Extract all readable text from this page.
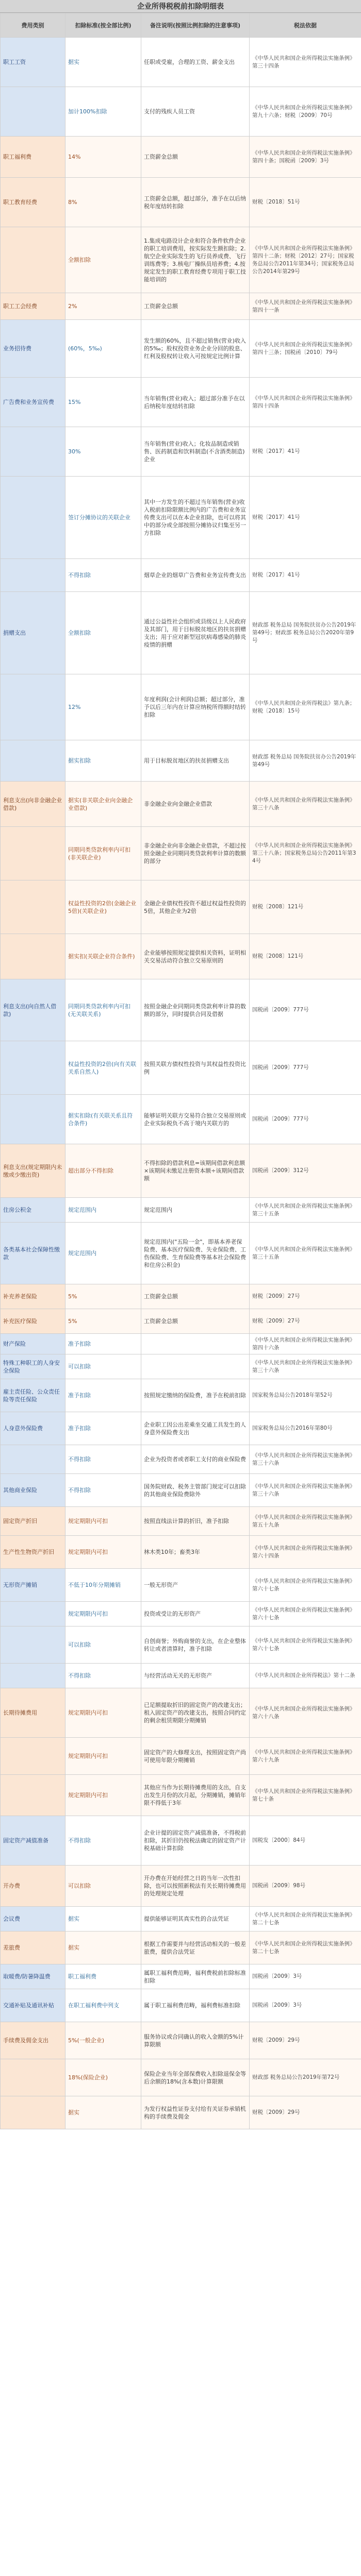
企业所得税税前扣除明细表
费用类别	扣除标准(按全部比例)	备注说明(按照比例扣除的注意事项)	税法依据
职工工资	据实	任职或受雇，合理的工资、薪金支出	《中华人民共和国企业所得税法实施条例》第三十四条
	加计100%扣除	支付的残疾人员工资	《中华人民共和国企业所得税法实施条例》第九十六条；财税〔2009〕70号
职工福利费	14%	工资薪金总额	《中华人民共和国企业所得税法实施条例》第四十条；国税函〔2009〕3号
职工教育经费	8%	工资薪金总额，超过部分，准予在以后纳税年度结转扣除	财税〔2018〕51号
	全额扣除	1.集成电路设计企业和符合条件软件企业的职工培训费用，按实际发生额扣除；2.航空企业实际发生的飞行员养成费、飞行训练费等；3.核电厂操纵员培养费；4.按规定发生的职工教育经费专项用于职工技能培训的	《中华人民共和国企业所得税法实施条例》第四十二条；财税〔2012〕27号；国家税务总局公告2011年第34号；国家税务总局公告2014年第29号
职工工会经费	2%	工资薪金总额	《中华人民共和国企业所得税法实施条例》第四十一条
业务招待费	(60%，5‰)	发生额的60%，且不超过销售(营业)收入的5‰；股权投资业务企业分回的股息、红利及股权转让收入可按规定比例计算	《中华人民共和国企业所得税法实施条例》第四十三条；国税函〔2010〕79号
广告费和业务宣传费	15%	当年销售(营业)收入；超过部分准予在以后纳税年度结转扣除	《中华人民共和国企业所得税法实施条例》第四十四条
	30%	当年销售(营业)收入；化妆品制造或销售、医药制造和饮料制造(不含酒类制造)企业	财税〔2017〕41号
	签订分摊协议的关联企业	其中一方发生的不超过当年销售(营业)收入税前扣除限额比例内的广告费和业务宣传费支出可以在本企业扣除，也可以将其中的部分或全部按照分摊协议归集至另一方扣除	财税〔2017〕41号
	不得扣除	烟草企业的烟草广告费和业务宣传费支出	财税〔2017〕41号
捐赠支出	全额扣除	通过公益性社会组织或县级以上人民政府及其部门，用于目标脱贫地区的扶贫捐赠支出；用于应对新型冠状病毒感染的肺炎疫情的捐赠	财政部 税务总局 国务院扶贫办公告2019年第49号；财政部 税务总局公告2020年第9号
	12%	年度利润(会计利润)总额；超过部分，准予以后三年内在计算应纳税所得额时结转扣除	《中华人民共和国企业所得税法》第九条；财税〔2018〕15号
	据实扣除	用于目标脱贫地区的扶贫捐赠支出	财政部 税务总局 国务院扶贫办公告2019年第49号
利息支出(向非金融企业借款)	据实(非关联企业向金融企业借款)	非金融企业向金融企业借款	《中华人民共和国企业所得税法实施条例》第三十八条
	同期同类贷款利率内可扣(非关联企业)	非金融企业向非金融企业借款，不超过按照金融企业同期同类贷款利率计算的数额的部分	《中华人民共和国企业所得税法实施条例》第三十八条；国家税务总局公告2011年第34号
	权益性投资的2倍(金融企业5倍)(关联企业)	金融企业债权性投资不超过权益性投资的5倍，其他企业为2倍	财税〔2008〕121号
	据实扣(关联企业符合条件)	企业能够按照规定提供相关资料，证明相关交易活动符合独立交易原则的	财税〔2008〕121号
利息支出(向自然人借款)	同期同类贷款利率内可扣(无关联关系)	按照金融企业同期同类贷款利率计算的数额的部分，同时提供合同及借据	国税函〔2009〕777号
	权益性投资的2倍(向有关联关系自然人)	按照关联方债权性投资与其权益性投资比例	国税函〔2009〕777号
	据实扣除(有关联关系且符合条件)	能够证明关联方交易符合独立交易原则或企业实际税负不高于境内关联方的	国税函〔2009〕777号
利息支出(规定期限内未缴或少缴出资)	超出部分不得扣除	不得扣除的借款利息=该期间借款利息额×该期间未缴足注册资本额÷该期间借款额	国税函〔2009〕312号
住房公积金	规定范围内	规定范围内	《中华人民共和国企业所得税法实施条例》第三十五条
各类基本社会保障性缴款	规定范围内	规定范围内("五险一金"，即基本养老保险费、基本医疗保险费、失业保险费、工伤保险费、生育保险费等基本社会保险费和住房公积金)	《中华人民共和国企业所得税法实施条例》第三十五条
补充养老保险	5%	工资薪金总额	财税〔2009〕27号
补充医疗保险	5%	工资薪金总额	财税〔2009〕27号
财产保险	准予扣除		《中华人民共和国企业所得税法实施条例》第四十六条
特殊工种职工的人身安全保险	可以扣除		《中华人民共和国企业所得税法实施条例》第三十六条
雇主责任险、公众责任险等责任保险	准予扣除	按照规定缴纳的保险费，准予在税前扣除	国家税务总局公告2018年第52号
人身意外保险费	准予扣除	企业职工因公出差乘坐交通工具发生的人身意外保险费支出	国家税务总局公告2016年第80号
	不得扣除	企业为投资者或者职工支付的商业保险费	《中华人民共和国企业所得税法实施条例》第三十六条
其他商业保险	不得扣除	国务院财政、税务主管部门规定可以扣除的其他商业保险费除外	《中华人民共和国企业所得税法实施条例》第三十六条
固定资产折旧	规定期限内可扣	按照直线法计算的折旧，准予扣除	《中华人民共和国企业所得税法实施条例》第五十九条
生产性生物资产折旧	规定期限内可扣	林木类10年；畜类3年	《中华人民共和国企业所得税法实施条例》第六十四条
无形资产摊销	不低于10年分期摊销	一般无形资产	《中华人民共和国企业所得税法实施条例》第六十七条
	规定期限内可扣	投资或受让的无形资产	《中华人民共和国企业所得税法实施条例》第六十七条
	可以扣除	自创商誉；外购商誉的支出，在企业整体转让或者清算时，准予扣除	《中华人民共和国企业所得税法实施条例》第六十七条
	不得扣除	与经营活动无关的无形资产	《中华人民共和国企业所得税法》第十二条
长期待摊费用	规定期限内可扣	已足额提取折旧的固定资产的改建支出；租入固定资产的改建支出，按照合同约定的剩余租赁期限分期摊销	《中华人民共和国企业所得税法实施条例》第六十八条
	规定期限内可扣	固定资产的大修理支出，按照固定资产尚可使用年限分期摊销	《中华人民共和国企业所得税法实施条例》第六十九条
	规定期限内可扣	其他应当作为长期待摊费用的支出，自支出发生月份的次月起，分期摊销，摊销年限不得低于3年	《中华人民共和国企业所得税法实施条例》第七十条
固定资产减值准备	不得扣除	企业计提的固定资产减值准备，不得税前扣除，其折旧仍按税法确定的固定资产计税基础计算扣除	国税发〔2000〕84号
开办费	可以扣除	开办费在开始经营之日的当年一次性扣除，也可以按照新税法有关长期待摊费用的处理规定处理	国税函〔2009〕98号
会议费	据实	提供能够证明其真实性的合法凭证	《中华人民共和国企业所得税法实施条例》第二十七条
差旅费	据实	根据工作需要并与经营活动相关的一般差旅费，提供合法凭证	《中华人民共和国企业所得税法实施条例》第二十七条
取暖费/防暑降温费	职工福利费	属职工福利费范畴，福利费税前扣除标准扣除	国税函〔2009〕3号
交通补贴及通讯补贴	在职工福利费中列支	属于职工福利费范畴，福利费标准扣除	国税函〔2009〕3号
手续费及佣金支出	5%(一般企业)	服务协议或合同确认的收入金额的5%计算限额	财税〔2009〕29号
	18%(保险企业)	保险企业当年全部保费收入扣除退保金等后余额的18%(含本数)计算限额	财政部 税务总局公告2019年第72号
	据实	为发行权益性证券支付给有关证券承销机构的手续费及佣金	财税〔2009〕29号
